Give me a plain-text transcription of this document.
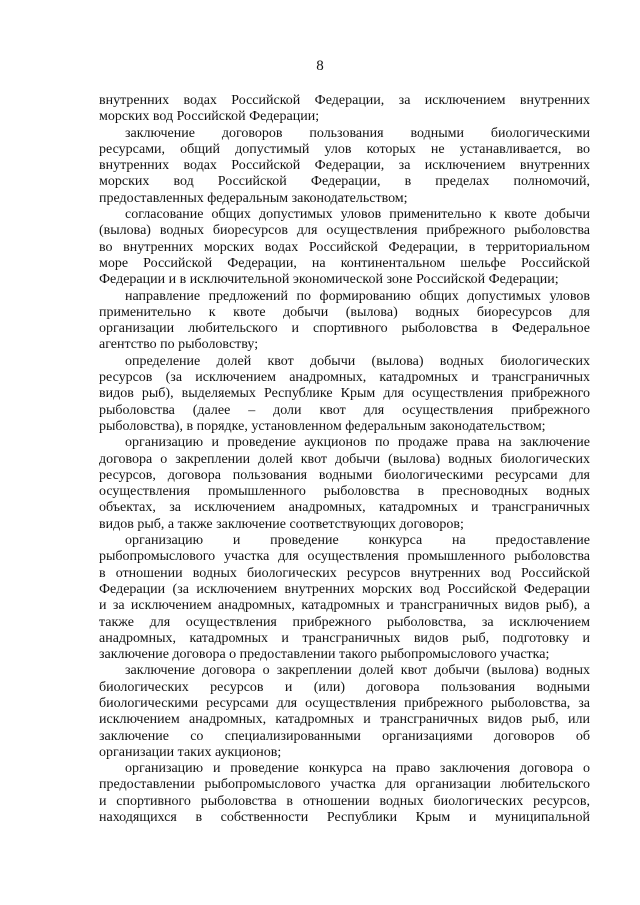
8
внутренних водах Российской Федерации, за исключением внутренних
морских вод Российской Федерации;
заключение договоров пользования водными биологическими
ресурсами, общий допустимый улов которых не устанавливается, во
внутренних водах Российской Федерации, за исключением внутренних
морских вод Российской Федерации, в пределах полномочий,
предоставленных федеральным законодательством;
согласование общих допустимых уловов применительно к квоте добычи
(вылова) водных биоресурсов для осуществления прибрежного рыболовства
во внутренних морских водах Российской Федерации, в территориальном
море Российской Федерации, на континентальном шельфе Российской
Федерации и в исключительной экономической зоне Российской Федерации;
направление предложений по формированию общих допустимых уловов
применительно к квоте добычи (вылова) водных биоресурсов для
организации любительского и спортивного рыболовства в Федеральное
агентство по рыболовству;
определение долей квот добычи (вылова) водных биологических
ресурсов (за исключением анадромных, катадромных и трансграничных
видов рыб), выделяемых Республике Крым для осуществления прибрежного
рыболовства (далее – доли квот для осуществления прибрежного
рыболовства), в порядке, установленном федеральным законодательством;
организацию и проведение аукционов по продаже права на заключение
договора о закреплении долей квот добычи (вылова) водных биологических
ресурсов, договора пользования водными биологическими ресурсами для
осуществления промышленного рыболовства в пресноводных водных
объектах, за исключением анадромных, катадромных и трансграничных
видов рыб, а также заключение соответствующих договоров;
организацию и проведение конкурса на предоставление
рыбопромыслового участка для осуществления промышленного рыболовства
в отношении водных биологических ресурсов внутренних вод Российской
Федерации (за исключением внутренних морских вод Российской Федерации
и за исключением анадромных, катадромных и трансграничных видов рыб), а
также для осуществления прибрежного рыболовства, за исключением
анадромных, катадромных и трансграничных видов рыб, подготовку и
заключение договора о предоставлении такого рыбопромыслового участка;
заключение договора о закреплении долей квот добычи (вылова) водных
биологических ресурсов и (или) договора пользования водными
биологическими ресурсами для осуществления прибрежного рыболовства, за
исключением анадромных, катадромных и трансграничных видов рыб, или
заключение со специализированными организациями договоров об
организации таких аукционов;
организацию и проведение конкурса на право заключения договора о
предоставлении рыбопромыслового участка для организации любительского
и спортивного рыболовства в отношении водных биологических ресурсов,
находящихся в собственности Республики Крым и муниципальной
